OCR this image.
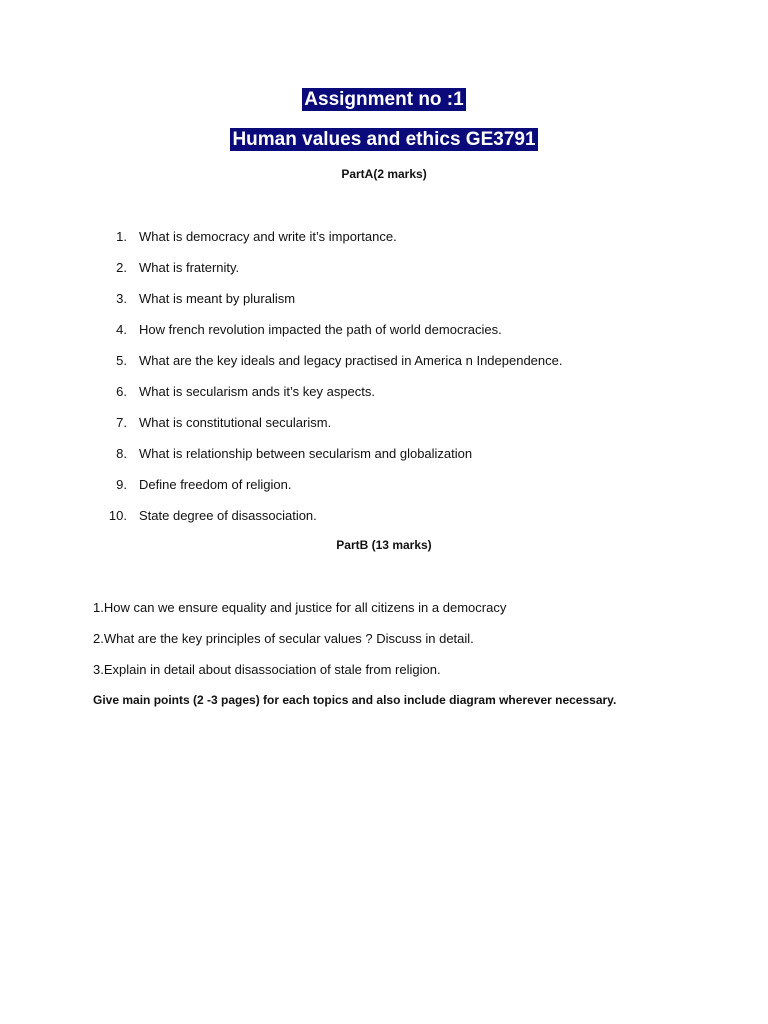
Assignment no :1
Human values and ethics GE3791
PartA(2 marks)
1. What is democracy and write it’s importance.
2. What is fraternity.
3. What is meant by pluralism
4. How french revolution impacted the path of world democracies.
5. What are the key ideals and legacy practised in America n Independence.
6. What is secularism ands it’s key aspects.
7. What is constitutional secularism.
8. What is relationship between secularism and globalization
9. Define freedom of religion.
10. State degree of disassociation.
PartB (13 marks)
1.How can we ensure equality and justice for all citizens in a democracy
2.What are the key principles of secular values ? Discuss in detail.
3.Explain in detail about disassociation of stale from religion.
Give main points (2 -3 pages) for each topics and also include diagram wherever necessary.
